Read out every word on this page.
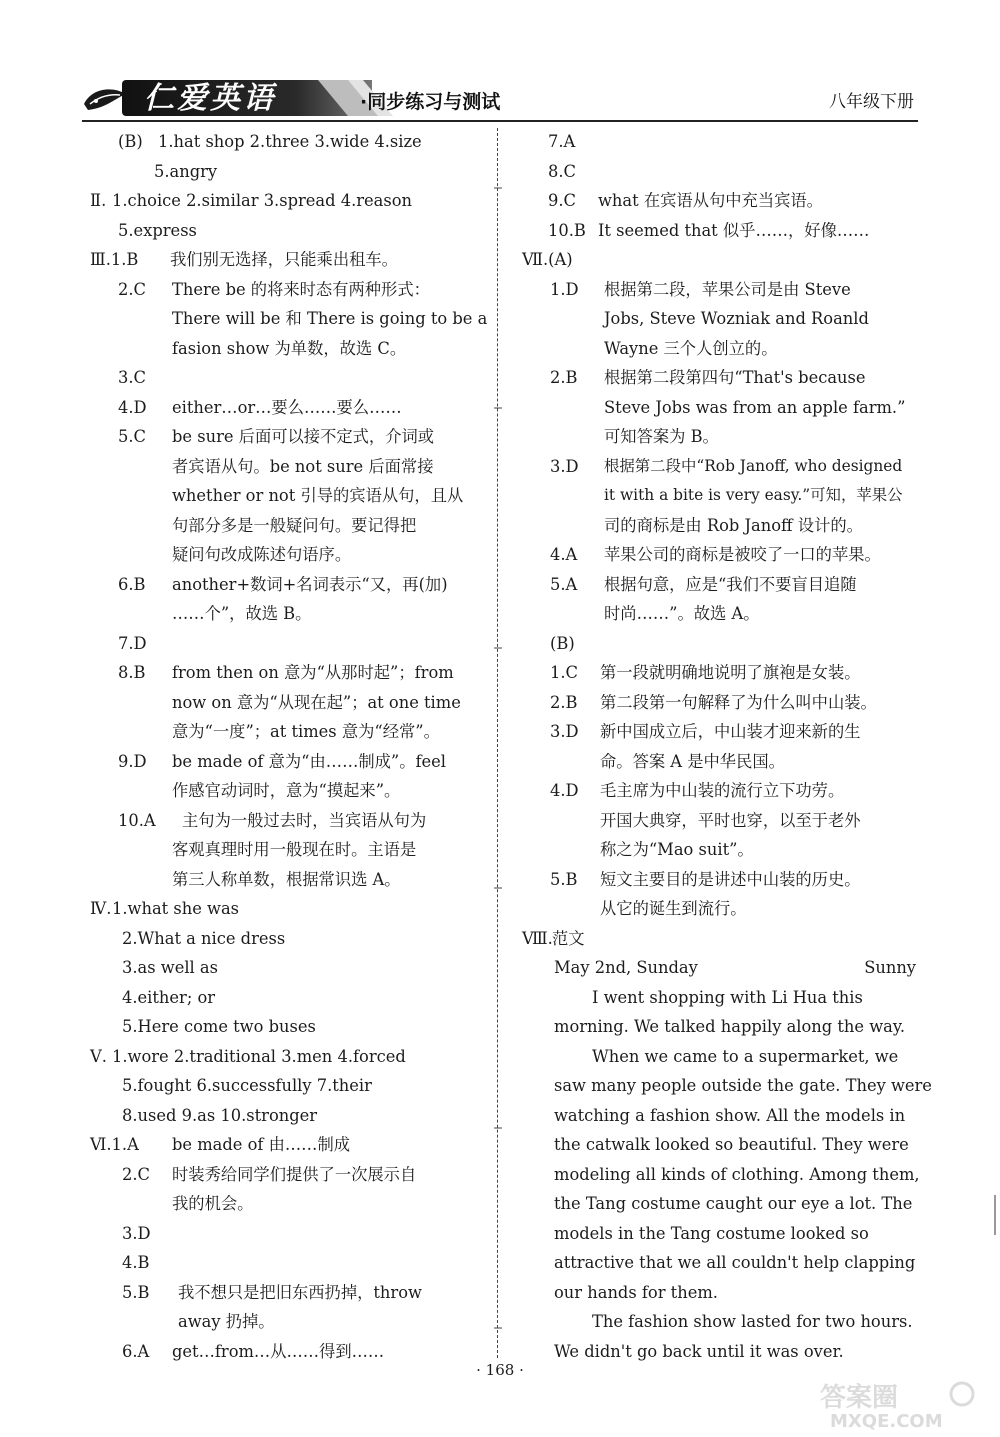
仁爱英语	·同步练习与测试	八年级下册
(B) 1.hat shop 2.three 3.wide 4.size
5.angry
Ⅱ. 1.choice 2.similar 3.spread 4.reason
5.express
Ⅲ.1.B 我们别无选择，只能乘出租车。
2.C There be 的将来时态有两种形式：
There will be 和 There is going to be a
fasion show 为单数，故选 C。
3.C
4.D either…or…要么……要么……
5.C be sure 后面可以接不定式，介词或
者宾语从句。be not sure 后面常接
whether or not 引导的宾语从句，且从
句部分多是一般疑问句。要记得把
疑问句改成陈述句语序。
6.B another+数词+名词表示“又，再(加)
……个”，故选 B。
7.D
8.B from then on 意为“从那时起”；from
now on 意为“从现在起”；at one time
意为“一度”；at times 意为“经常”。
9.D be made of 意为“由……制成”。feel
作感官动词时，意为“摸起来”。
10.A 主句为一般过去时，当宾语从句为
客观真理时用一般现在时。主语是
第三人称单数，根据常识选 A。
Ⅳ. 1.what she was
2.What a nice dress
3.as well as
4.either; or
5.Here come two buses
Ⅴ. 1.wore 2.traditional 3.men 4.forced
5.fought 6.successfully 7.their
8.used 9.as 10.stronger
Ⅵ.1.A be made of 由……制成
2.C 时装秀给同学们提供了一次展示自
我的机会。
3.D
4.B
5.B 我不想只是把旧东西扔掉，throw
away 扔掉。
6.A get…from…从……得到……
7.A
8.C
9.C what 在宾语从句中充当宾语。
10.B It seemed that 似乎……，好像……
Ⅶ.(A)
1.D 根据第二段，苹果公司是由 Steve
Jobs, Steve Wozniak and Roanld
Wayne 三个人创立的。
2.B 根据第二段第四句“That's because
Steve Jobs was from an apple farm.”
可知答案为 B。
3.D 根据第二段中“Rob Janoff, who designed
it with a bite is very easy.”可知，苹果公
司的商标是由 Rob Janoff 设计的。
4.A 苹果公司的商标是被咬了一口的苹果。
5.A 根据句意，应是“我们不要盲目追随
时尚……”。故选 A。
(B)
1.C 第一段就明确地说明了旗袍是女装。
2.B 第二段第一句解释了为什么叫中山装。
3.D 新中国成立后，中山装才迎来新的生
命。答案 A 是中华民国。
4.D 毛主席为中山装的流行立下功劳。
开国大典穿，平时也穿，以至于老外
称之为“Mao suit”。
5.B 短文主要目的是讲述中山装的历史。
从它的诞生到流行。
Ⅷ. 范文
May 2nd, Sunday	Sunny
I went shopping with Li Hua this
morning. We talked happily along the way.
When we came to a supermarket, we
saw many people outside the gate. They were
watching a fashion show. All the models in
the catwalk looked so beautiful. They were
modeling all kinds of clothing. Among them,
the Tang costume caught our eye a lot. The
models in the Tang costume looked so
attractive that we all couldn't help clapping
our hands for them.
The fashion show lasted for two hours.
We didn't go back until it was over.
· 168 ·
答案圈
MXQE.COM
